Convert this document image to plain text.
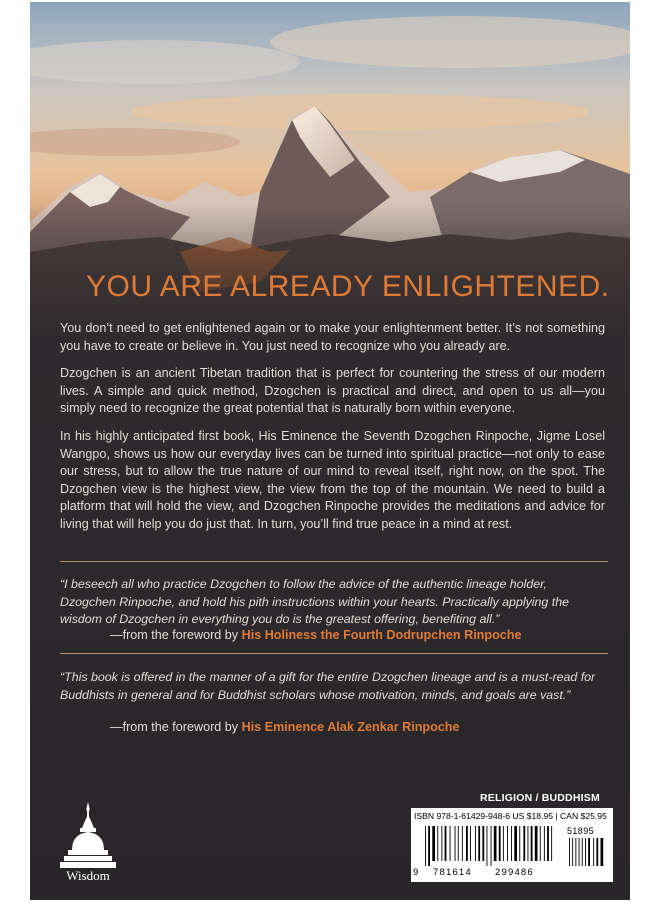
YOU ARE ALREADY ENLIGHTENED.

You don’t need to get enlightened again or to make your enlightenment better. It’s not something you have to create or believe in. You just need to recognize who you already are.

Dzogchen is an ancient Tibetan tradition that is perfect for countering the stress of our modern lives. A simple and quick method, Dzogchen is practical and direct, and open to us all—you simply need to recognize the great potential that is naturally born within everyone.

In his highly anticipated first book, His Eminence the Seventh Dzogchen Rinpoche, Jigme Losel Wangpo, shows us how our everyday lives can be turned into spiritual practice—not only to ease our stress, but to allow the true nature of our mind to reveal itself, right now, on the spot. The Dzogchen view is the highest view, the view from the top of the mountain. We need to build a platform that will hold the view, and Dzogchen Rinpoche provides the meditations and advice for living that will help you do just that. In turn, you’ll find true peace in a mind at rest.

“I beseech all who practice Dzogchen to follow the advice of the authentic lineage holder, Dzogchen Rinpoche, and hold his pith instructions within your hearts. Practically applying the wisdom of Dzogchen in everything you do is the greatest offering, benefiting all.”

—from the foreword by His Holiness the Fourth Dodrupchen Rinpoche

“This book is offered in the manner of a gift for the entire Dzogchen lineage and is a must-read for Buddhists in general and for Buddhist scholars whose motivation, minds, and goals are vast.”

—from the foreword by His Eminence Alak Zenkar Rinpoche
RELIGION / BUDDHISM
ISBN 978-1-61429-948-6 US $18.95 | CAN $25.95
51895
9 781614 299486
Wisdom
